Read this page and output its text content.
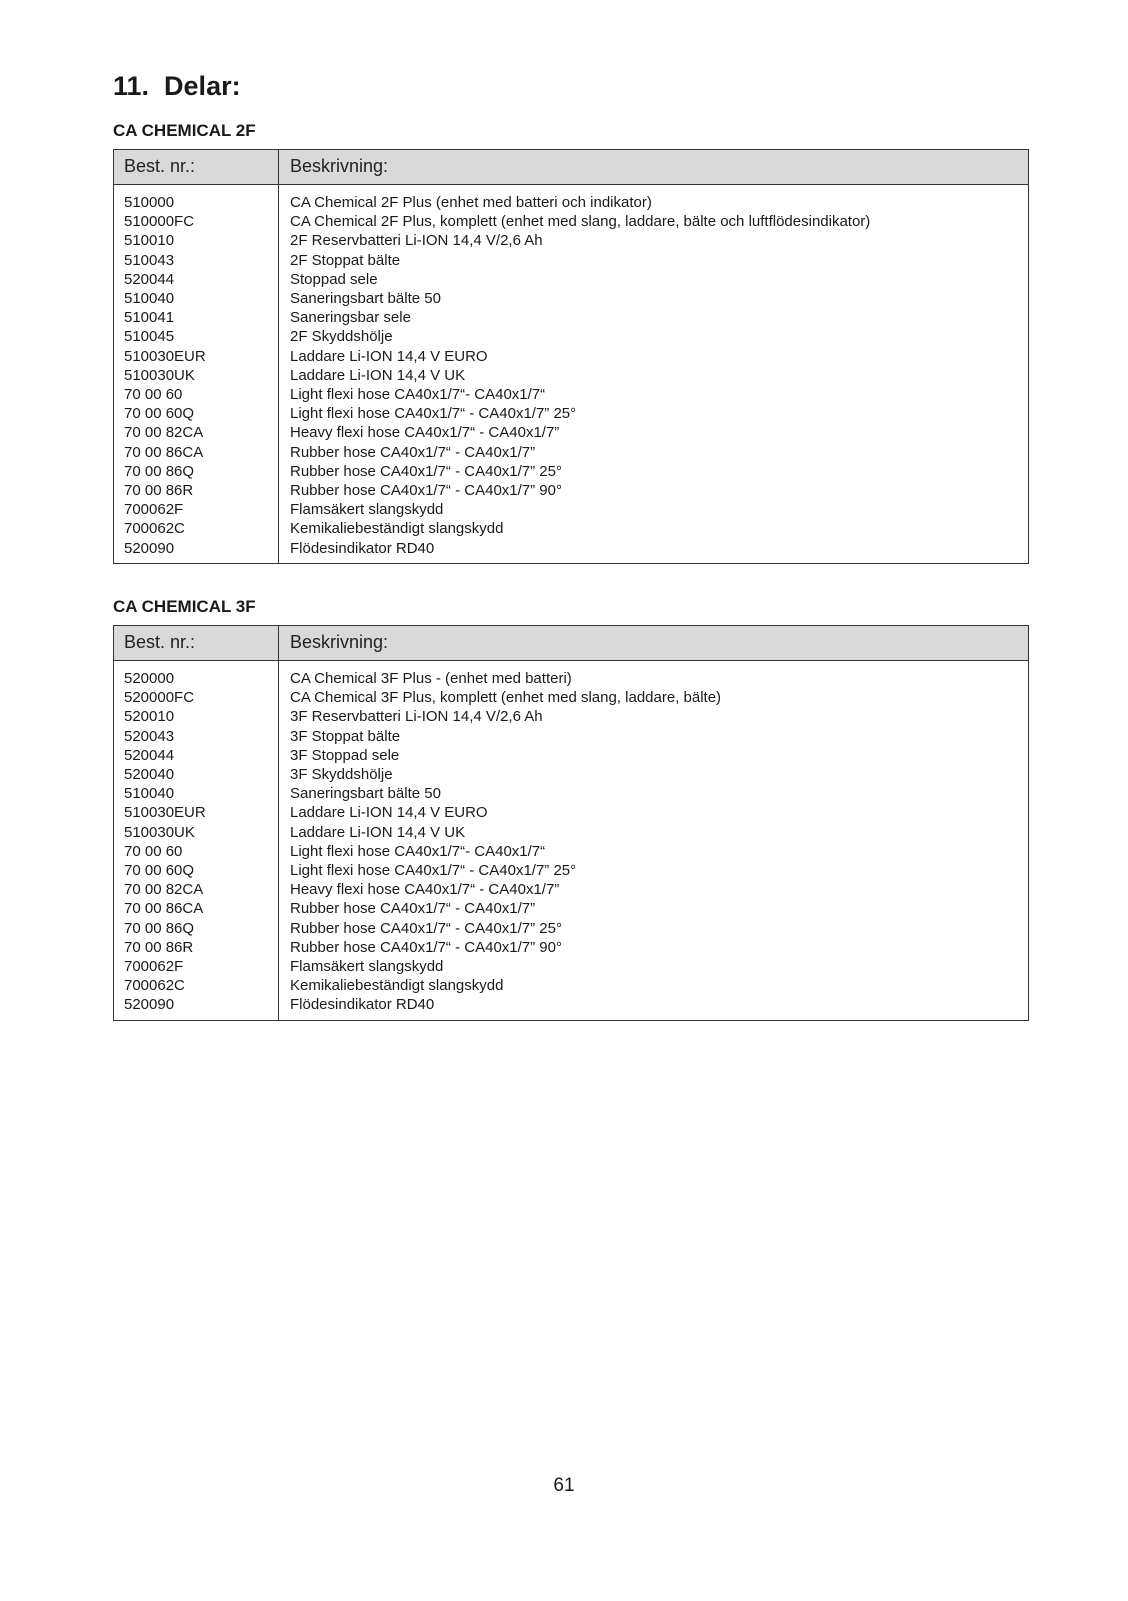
11.  Delar:
CA CHEMICAL 2F
Best. nr.:	Beskrivning:
510000
510000FC
510010
510043
520044
510040
510041
510045
510030EUR
510030UK
70 00 60
70 00 60Q
70 00 82CA
70 00 86CA
70 00 86Q
70 00 86R
700062F
700062C
520090
CA Chemical 2F Plus (enhet med batteri och indikator)
CA Chemical 2F Plus, komplett (enhet med slang, laddare, bälte och luftflödesindikator)
2F Reservbatteri Li-ION 14,4 V/2,6 Ah
2F Stoppat bälte
Stoppad sele
Saneringsbart bälte 50
Saneringsbar sele
2F Skyddshölje
Laddare Li-ION 14,4 V EURO
Laddare Li-ION 14,4 V UK
Light flexi hose CA40x1/7“- CA40x1/7“
Light flexi hose CA40x1/7“ - CA40x1/7” 25°
Heavy flexi hose CA40x1/7“ - CA40x1/7”
Rubber hose CA40x1/7“ - CA40x1/7”
Rubber hose CA40x1/7“ - CA40x1/7” 25°
Rubber hose CA40x1/7“ - CA40x1/7” 90°
Flamsäkert slangskydd
Kemikaliebeständigt slangskydd
Flödesindikator RD40
CA CHEMICAL 3F
Best. nr.:	Beskrivning:
520000
520000FC
520010
520043
520044
520040
510040
510030EUR
510030UK
70 00 60
70 00 60Q
70 00 82CA
70 00 86CA
70 00 86Q
70 00 86R
700062F
700062C
520090
CA Chemical 3F Plus - (enhet med batteri)
CA Chemical 3F Plus, komplett (enhet med slang, laddare, bälte)
3F Reservbatteri Li-ION 14,4 V/2,6 Ah
3F Stoppat bälte
3F Stoppad sele
3F Skyddshölje
Saneringsbart bälte 50
Laddare Li-ION 14,4 V EURO
Laddare Li-ION 14,4 V UK
Light flexi hose CA40x1/7“- CA40x1/7“
Light flexi hose CA40x1/7“ - CA40x1/7” 25°
Heavy flexi hose CA40x1/7“ - CA40x1/7”
Rubber hose CA40x1/7“ - CA40x1/7”
Rubber hose CA40x1/7“ - CA40x1/7” 25°
Rubber hose CA40x1/7“ - CA40x1/7” 90°
Flamsäkert slangskydd
Kemikaliebeständigt slangskydd
Flödesindikator RD40
61
